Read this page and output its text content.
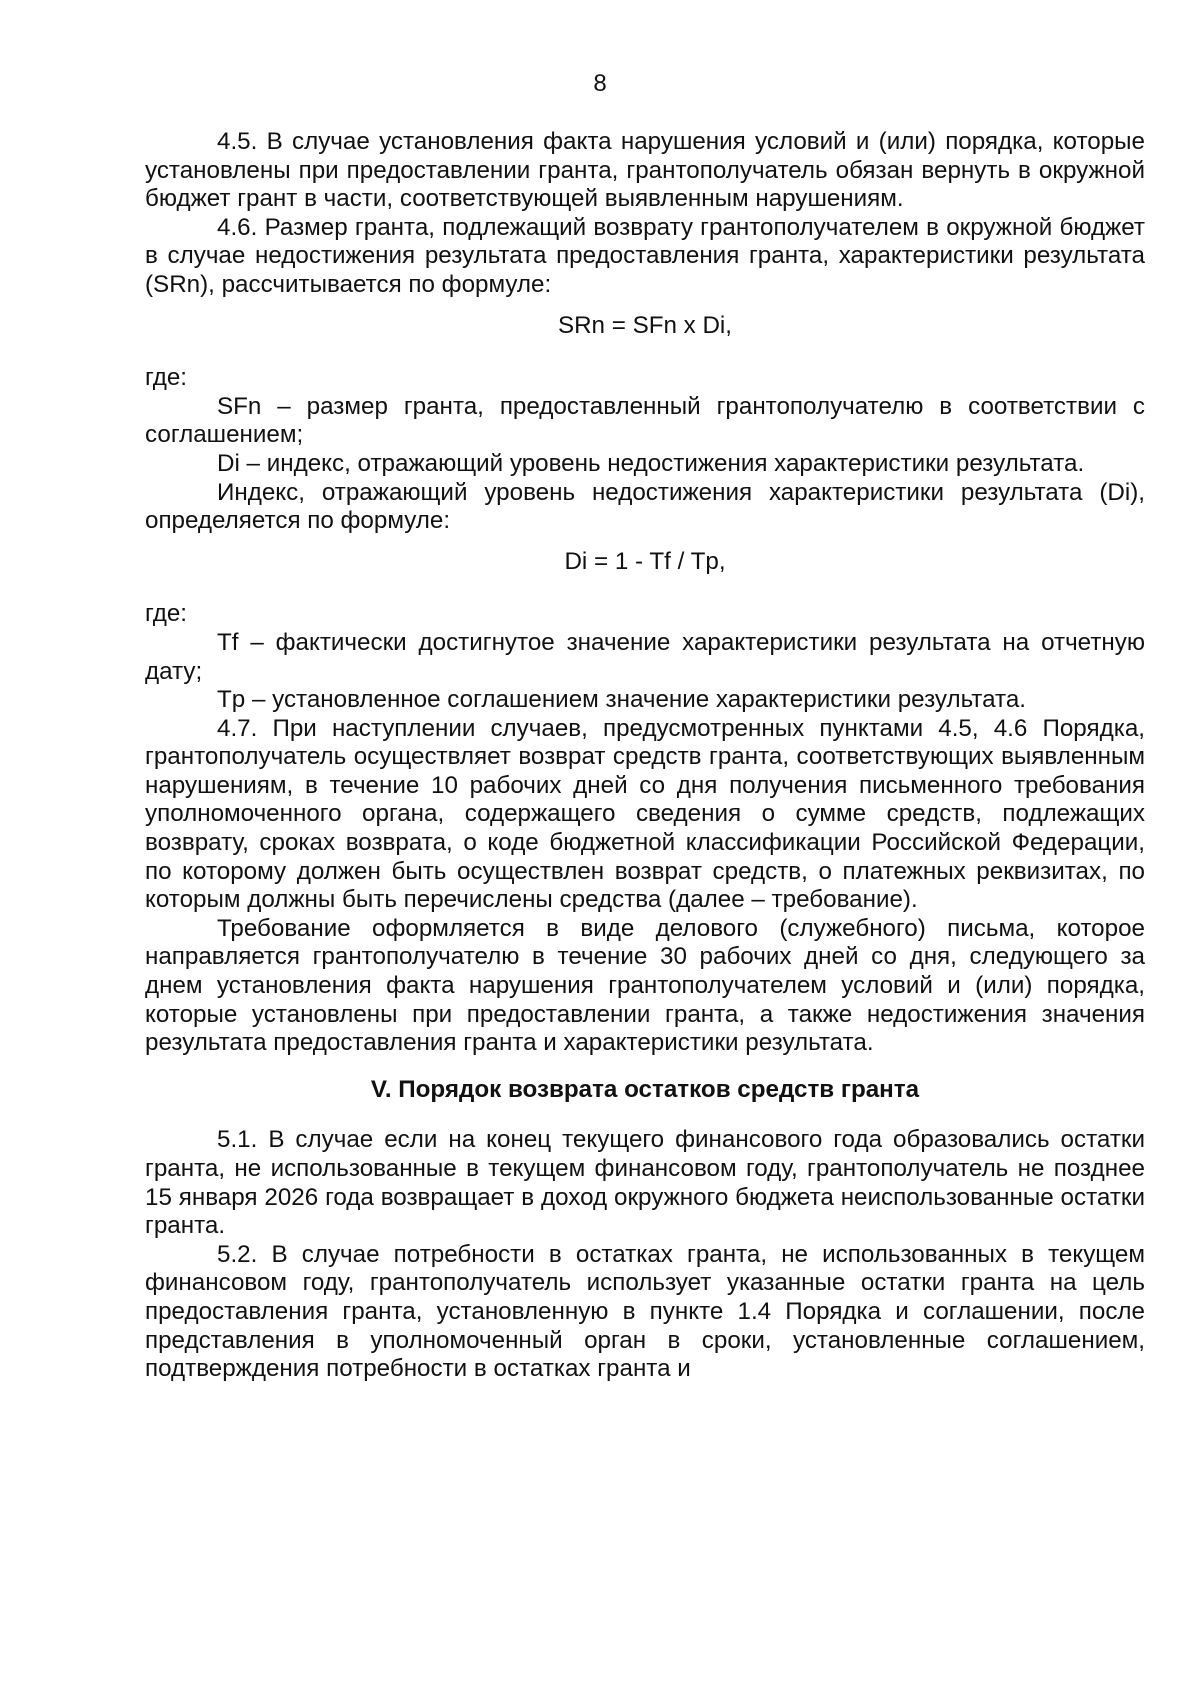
8

4.5. В случае установления факта нарушения условий и (или) порядка, которые установлены при предоставлении гранта, грантополучатель обязан вернуть в окружной бюджет грант в части, соответствующей выявленным нарушениям.

4.6. Размер гранта, подлежащий возврату грантополучателем в окружной бюджет в случае недостижения результата предоставления гранта, характеристики результата (SRn), рассчитывается по формуле:

SRn = SFn x Di,

где:

SFn – размер гранта, предоставленный грантополучателю в соответствии с соглашением;

Di – индекс, отражающий уровень недостижения характеристики результата.

Индекс, отражающий уровень недостижения характеристики результата (Di), определяется по формуле:

Di = 1 - Tf / Tp,

где:

Tf – фактически достигнутое значение характеристики результата на отчетную дату;

Tp – установленное соглашением значение характеристики результата.

4.7. При наступлении случаев, предусмотренных пунктами 4.5, 4.6 Порядка, грантополучатель осуществляет возврат средств гранта, соответствующих выявленным нарушениям, в течение 10 рабочих дней со дня получения письменного требования уполномоченного органа, содержащего сведения о сумме средств, подлежащих возврату, сроках возврата, о коде бюджетной классификации Российской Федерации, по которому должен быть осуществлен возврат средств, о платежных реквизитах, по которым должны быть перечислены средства (далее – требование).

Требование оформляется в виде делового (служебного) письма, которое направляется грантополучателю в течение 30 рабочих дней со дня, следующего за днем установления факта нарушения грантополучателем условий и (или) порядка, которые установлены при предоставлении гранта, а также недостижения значения результата предоставления гранта и характеристики результата.

V. Порядок возврата остатков средств гранта

5.1. В случае если на конец текущего финансового года образовались остатки гранта, не использованные в текущем финансовом году, грантополучатель не позднее 15 января 2026 года возвращает в доход окружного бюджета неиспользованные остатки гранта.

5.2. В случае потребности в остатках гранта, не использованных в текущем финансовом году, грантополучатель использует указанные остатки гранта на цель предоставления гранта, установленную в пункте 1.4 Порядка и соглашении, после представления в уполномоченный орган в сроки, установленные соглашением, подтверждения потребности в остатках гранта и
